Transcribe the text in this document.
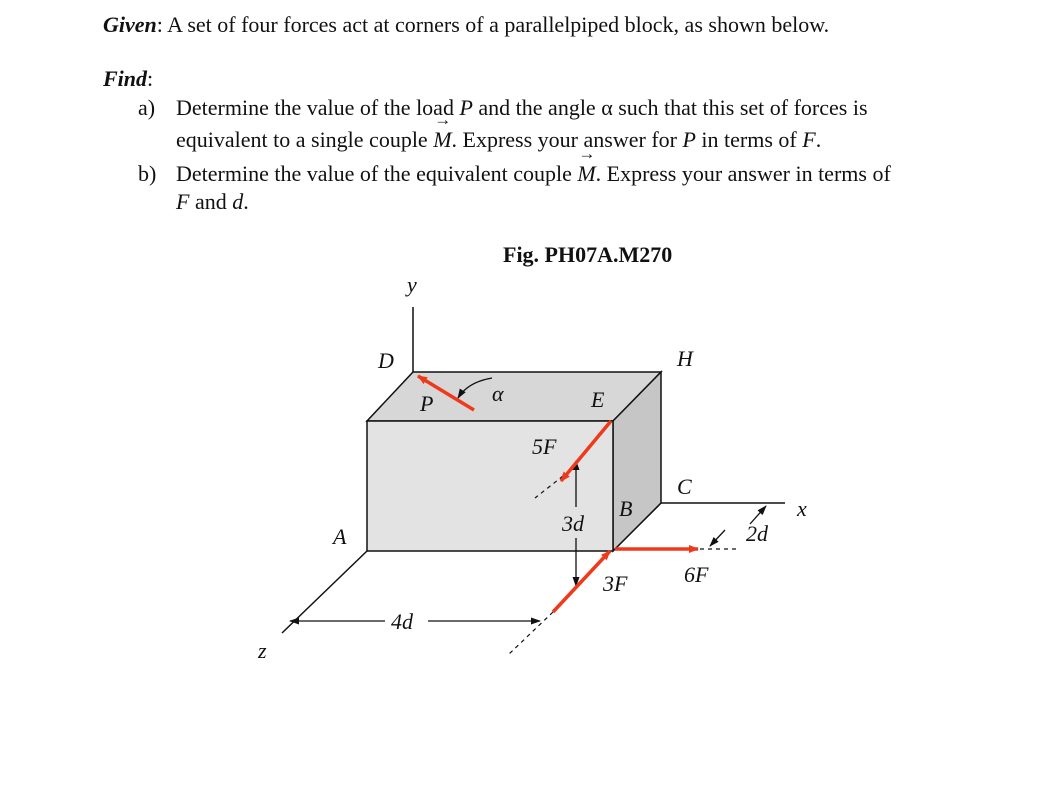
Given: A set of four forces act at corners of a parallelpiped block, as shown below.
Find:
a) Determine the value of the load P and the angle α such that this set of forces is
equivalent to a single couple → M. Express your answer for P in terms of F.
b) Determine the value of the equivalent couple → M. Express your answer in terms of
F and d.
Fig. PH07A.M270
y
x
z
A
B
C
D
E
H
P	α
5F
3d
3F	6F
2d
4d
